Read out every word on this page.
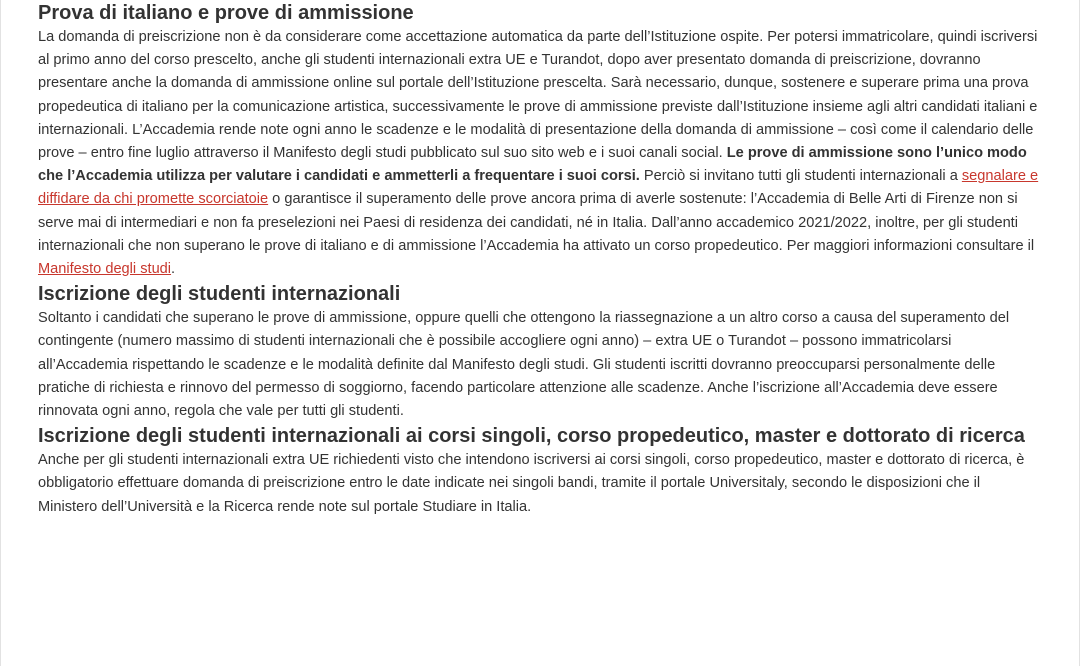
Prova di italiano e prove di ammissione

La domanda di preiscrizione non è da considerare come accettazione automatica da parte dell’Istituzione ospite. Per potersi immatricolare, quindi iscriversi al primo anno del corso prescelto, anche gli studenti internazionali extra UE e Turandot, dopo aver presentato domanda di preiscrizione, dovranno presentare anche la domanda di ammissione online sul portale dell’Istituzione prescelta. Sarà necessario, dunque, sostenere e superare prima una prova propedeutica di italiano per la comunicazione artistica, successivamente le prove di ammissione previste dall’Istituzione insieme agli altri candidati italiani e internazionali. L’Accademia rende note ogni anno le scadenze e le modalità di presentazione della domanda di ammissione – così come il calendario delle prove – entro fine luglio attraverso il Manifesto degli studi pubblicato sul suo sito web e i suoi canali social. Le prove di ammissione sono l’unico modo che l’Accademia utilizza per valutare i candidati e ammetterli a frequentare i suoi corsi. Perciò si invitano tutti gli studenti internazionali a segnalare e diffidare da chi promette scorciatoie o garantisce il superamento delle prove ancora prima di averle sostenute: l’Accademia di Belle Arti di Firenze non si serve mai di intermediari e non fa preselezioni nei Paesi di residenza dei candidati, né in Italia. Dall’anno accademico 2021/2022, inoltre, per gli studenti internazionali che non superano le prove di italiano e di ammissione l’Accademia ha attivato un corso propedeutico. Per maggiori informazioni consultare il Manifesto degli studi.

Iscrizione degli studenti internazionali

Soltanto i candidati che superano le prove di ammissione, oppure quelli che ottengono la riassegnazione a un altro corso a causa del superamento del contingente (numero massimo di studenti internazionali che è possibile accogliere ogni anno) – extra UE o Turandot – possono immatricolarsi all’Accademia rispettando le scadenze e le modalità definite dal Manifesto degli studi. Gli studenti iscritti dovranno preoccuparsi personalmente delle pratiche di richiesta e rinnovo del permesso di soggiorno, facendo particolare attenzione alle scadenze. Anche l’iscrizione all’Accademia deve essere rinnovata ogni anno, regola che vale per tutti gli studenti.

Iscrizione degli studenti internazionali ai corsi singoli, corso propedeutico, master e dottorato di ricerca

Anche per gli studenti internazionali extra UE richiedenti visto che intendono iscriversi ai corsi singoli, corso propedeutico, master e dottorato di ricerca, è obbligatorio effettuare domanda di preiscrizione entro le date indicate nei singoli bandi, tramite il portale Universitaly, secondo le disposizioni che il Ministero dell’Università e la Ricerca rende note sul portale Studiare in Italia.
